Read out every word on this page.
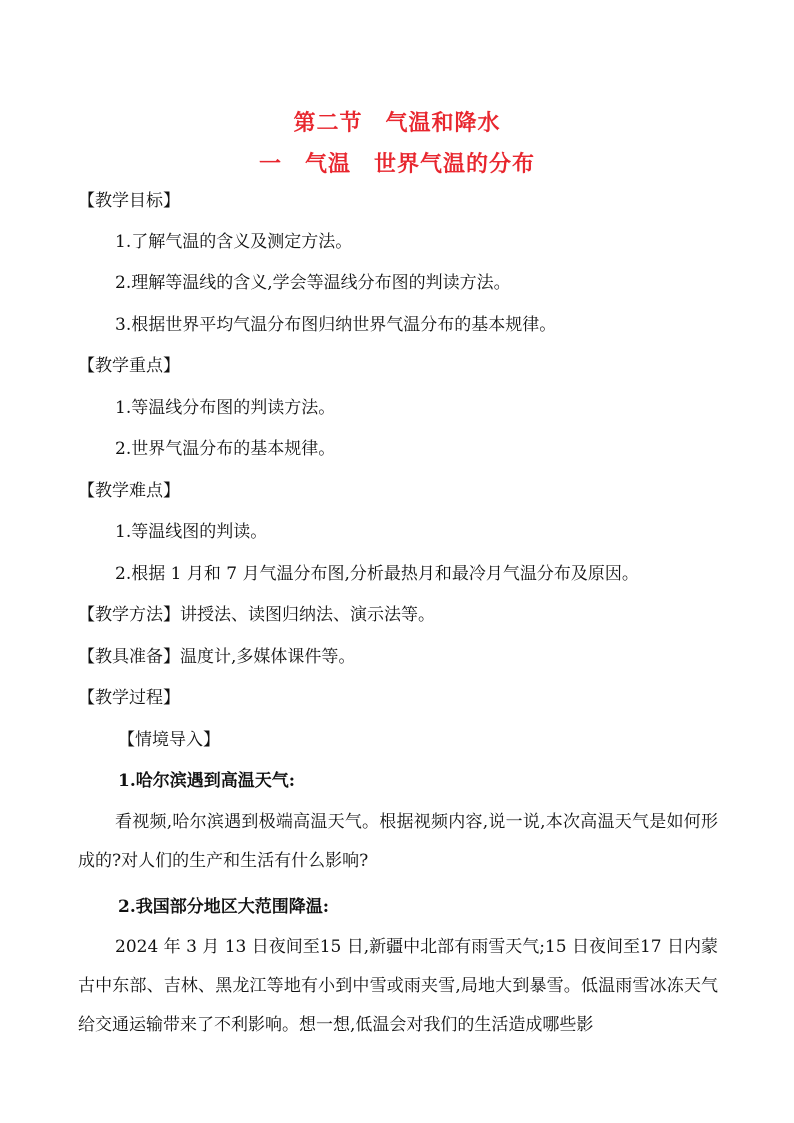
第二节　气温和降水
一　气温　世界气温的分布
【教学目标】
1.了解气温的含义及测定方法。
2.理解等温线的含义,学会等温线分布图的判读方法。
3.根据世界平均气温分布图归纳世界气温分布的基本规律。
【教学重点】
1.等温线分布图的判读方法。
2.世界气温分布的基本规律。
【教学难点】
1.等温线图的判读。
2.根据 1 月和 7 月气温分布图,分析最热月和最冷月气温分布及原因。
【教学方法】讲授法、读图归纳法、演示法等。
【教具准备】温度计,多媒体课件等。
【教学过程】
【情境导入】
1.哈尔滨遇到高温天气:
看视频,哈尔滨遇到极端高温天气。根据视频内容,说一说,本次高温天气是如何形成的?对人们的生产和生活有什么影响?
2.我国部分地区大范围降温:
2024 年 3 月 13 日夜间至15 日,新疆中北部有雨雪天气;15 日夜间至17 日内蒙古中东部、吉林、黑龙江等地有小到中雪或雨夹雪,局地大到暴雪。低温雨雪冰冻天气给交通运输带来了不利影响。想一想,低温会对我们的生活造成哪些影
